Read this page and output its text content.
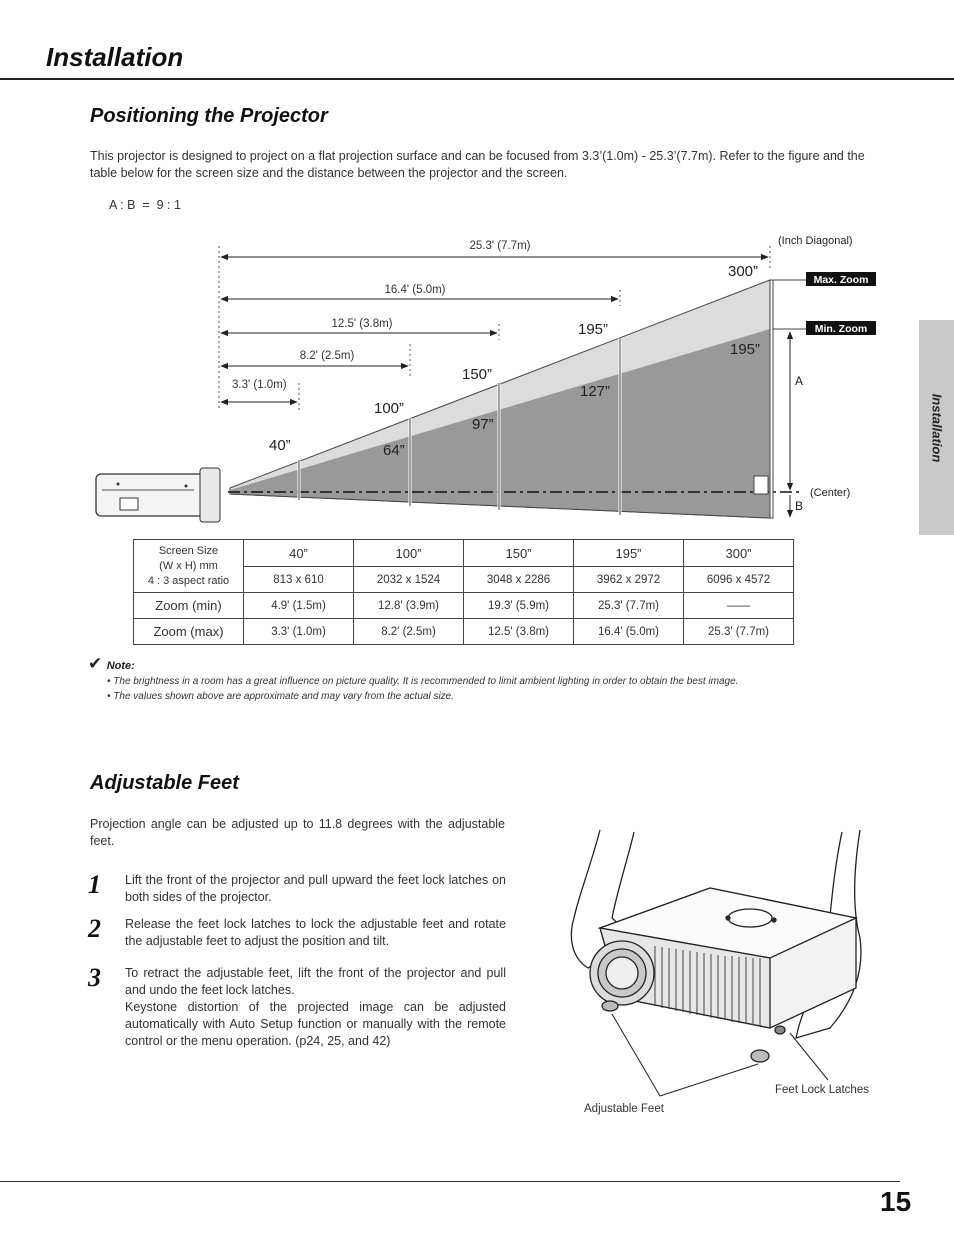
Installation
Installation
Positioning the Projector
This projector is designed to project on a flat projection surface and can be focused from 3.3’(1.0m) - 25.3’(7.7m). Refer to the figure and the table below for the screen size and the distance between the projector and the screen.
A : B  =  9 : 1
25.3' (7.7m)
16.4' (5.0m)
12.5' (3.8m)
8.2' (2.5m)
3.3' (1.0m)
300”
195”
150”
100”
40”
195”
127”
97”
64”
(Inch Diagonal)
Max. Zoom
Min. Zoom
A
B
(Center)
Screen Size
(W x H) mm
4 : 3 aspect ratio	40”	100”	150”	195”	300”
	813 x 610	2032 x 1524	3048 x 2286	3962 x 2972	6096 x 4572
Zoom (min)	4.9' (1.5m)	12.8' (3.9m)	19.3' (5.9m)	25.3' (7.7m)	——
Zoom (max)	3.3' (1.0m)	8.2' (2.5m)	12.5' (3.8m)	16.4' (5.0m)	25.3' (7.7m)
✔ Note:
• The brightness in a room has a great influence on picture quality. It is recommended to limit ambient lighting in order to obtain the best image.
• The values shown above are approximate and may vary from the actual size.
Adjustable Feet
Projection angle can be adjusted up to 11.8 degrees with the adjustable feet.
1 Lift the front of the projector and pull upward the feet lock latches on both sides of the projector.
2 Release the feet lock latches to lock the adjustable feet and rotate the adjustable feet to adjust the position and tilt.
3 To retract the adjustable feet, lift the front of the projector and pull and undo the feet lock latches.
Keystone distortion of the projected image can be adjusted automatically with Auto Setup function or manually with the remote control or the menu operation. (p24, 25, and 42)
Feet Lock Latches
Adjustable Feet
15
